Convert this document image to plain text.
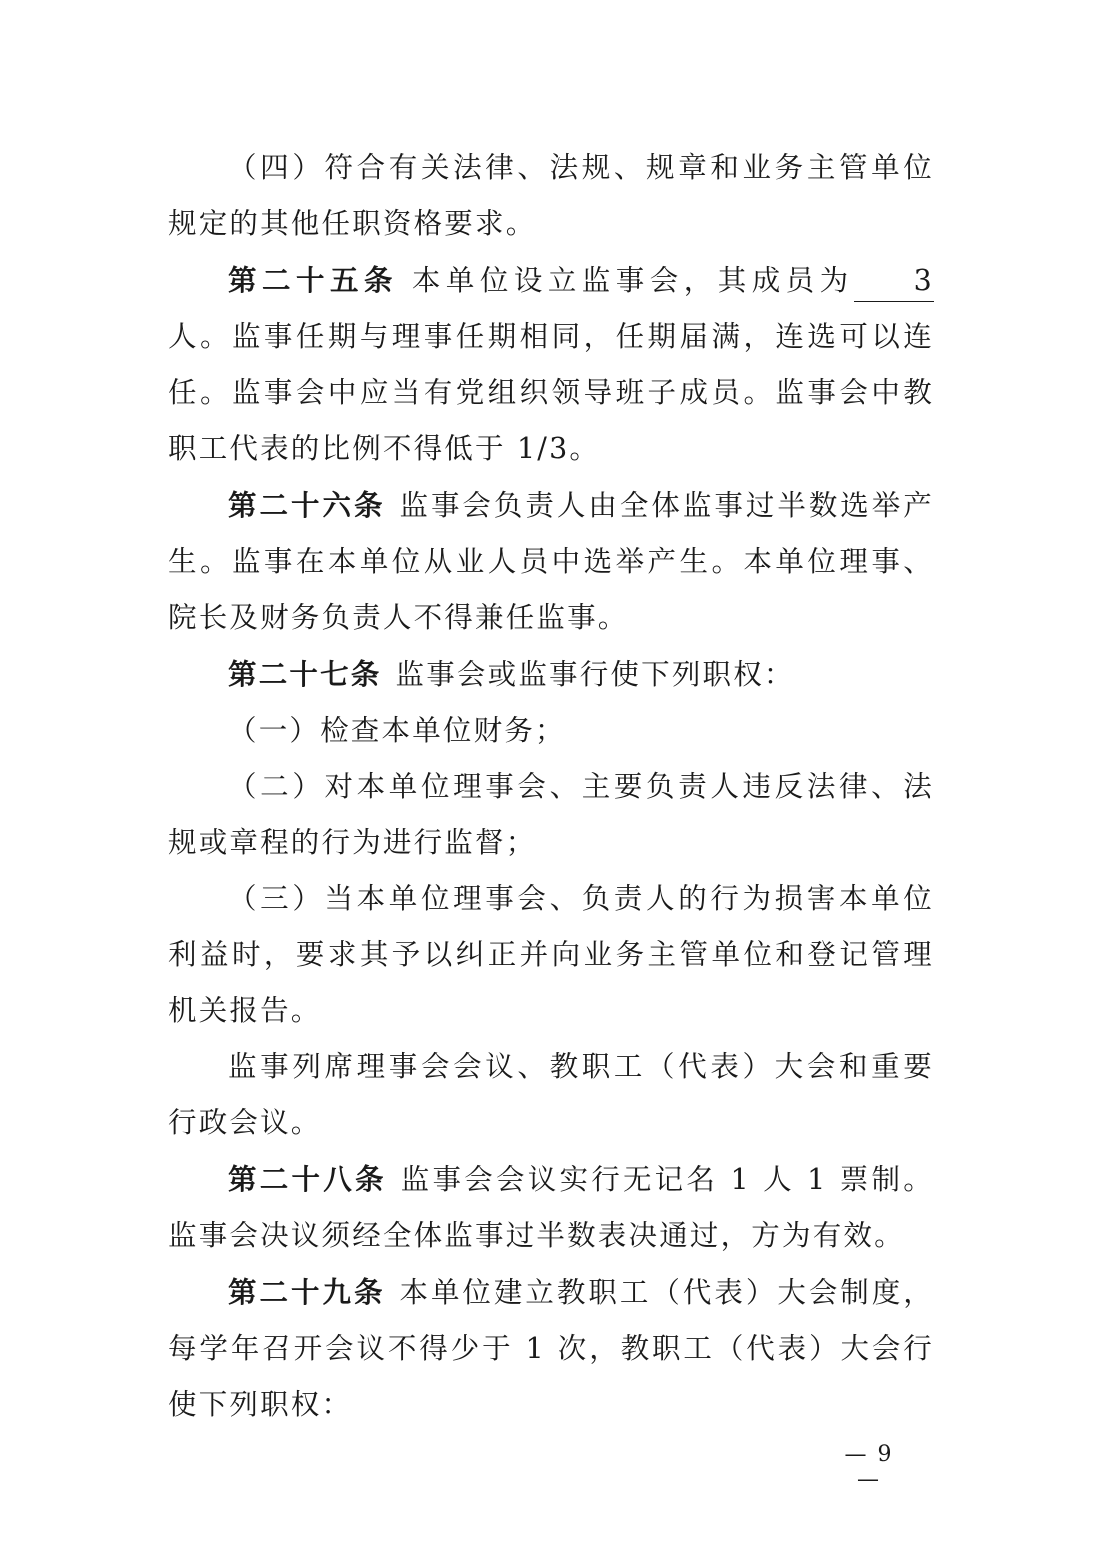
（四）符合有关法律、法规、规章和业务主管单位规定的其他任职资格要求。

第二十五条 本单位设立监事会，其成员为 3人。监事任期与理事任期相同，任期届满，连选可以连任。监事会中应当有党组织领导班子成员。监事会中教职工代表的比例不得低于 1/3。

第二十六条 监事会负责人由全体监事过半数选举产生。监事在本单位从业人员中选举产生。本单位理事、院长及财务负责人不得兼任监事。

第二十七条 监事会或监事行使下列职权：

（一）检查本单位财务；

（二）对本单位理事会、主要负责人违反法律、法规或章程的行为进行监督；

（三）当本单位理事会、负责人的行为损害本单位利益时，要求其予以纠正并向业务主管单位和登记管理机关报告。

监事列席理事会会议、教职工（代表）大会和重要行政会议。

第二十八条 监事会会议实行无记名 1 人 1 票制。监事会决议须经全体监事过半数表决通过，方为有效。

第二十九条 本单位建立教职工（代表）大会制度，每学年召开会议不得少于 1 次，教职工（代表）大会行使下列职权：

— 9 —
